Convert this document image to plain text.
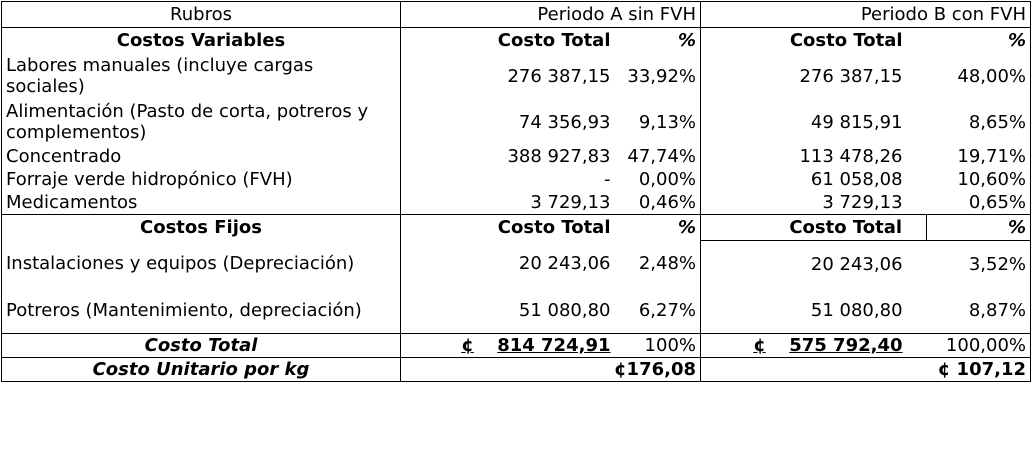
Rubros	Periodo A sin FVH		Periodo B con FVH	
Costos Variables	Costo Total	%	Costo Total	%
Labores manuales (incluye cargas sociales)	276 387,15	33,92%	276 387,15	48,00%
Alimentación (Pasto de corta, potreros y complementos)	74 356,93	9,13%	49 815,91	8,65%
Concentrado	388 927,83	47,74%	113 478,26	19,71%
Forraje verde hidropónico (FVH)	-	0,00%	61 058,08	10,60%
Medicamentos	3 729,13	0,46%	3 729,13	0,65%
Costos Fijos	Costo Total	%	Costo Total	%
Instalaciones y equipos (Depreciación)	20 243,06	2,48%	20 243,06	3,52%
Potreros (Mantenimiento, depreciación)	51 080,80	6,27%	51 080,80	8,87%
Costo Total	¢ 814 724,91	100%	¢ 575 792,40	100,00%
Costo Unitario por kg	¢176,08		¢ 107,12	
